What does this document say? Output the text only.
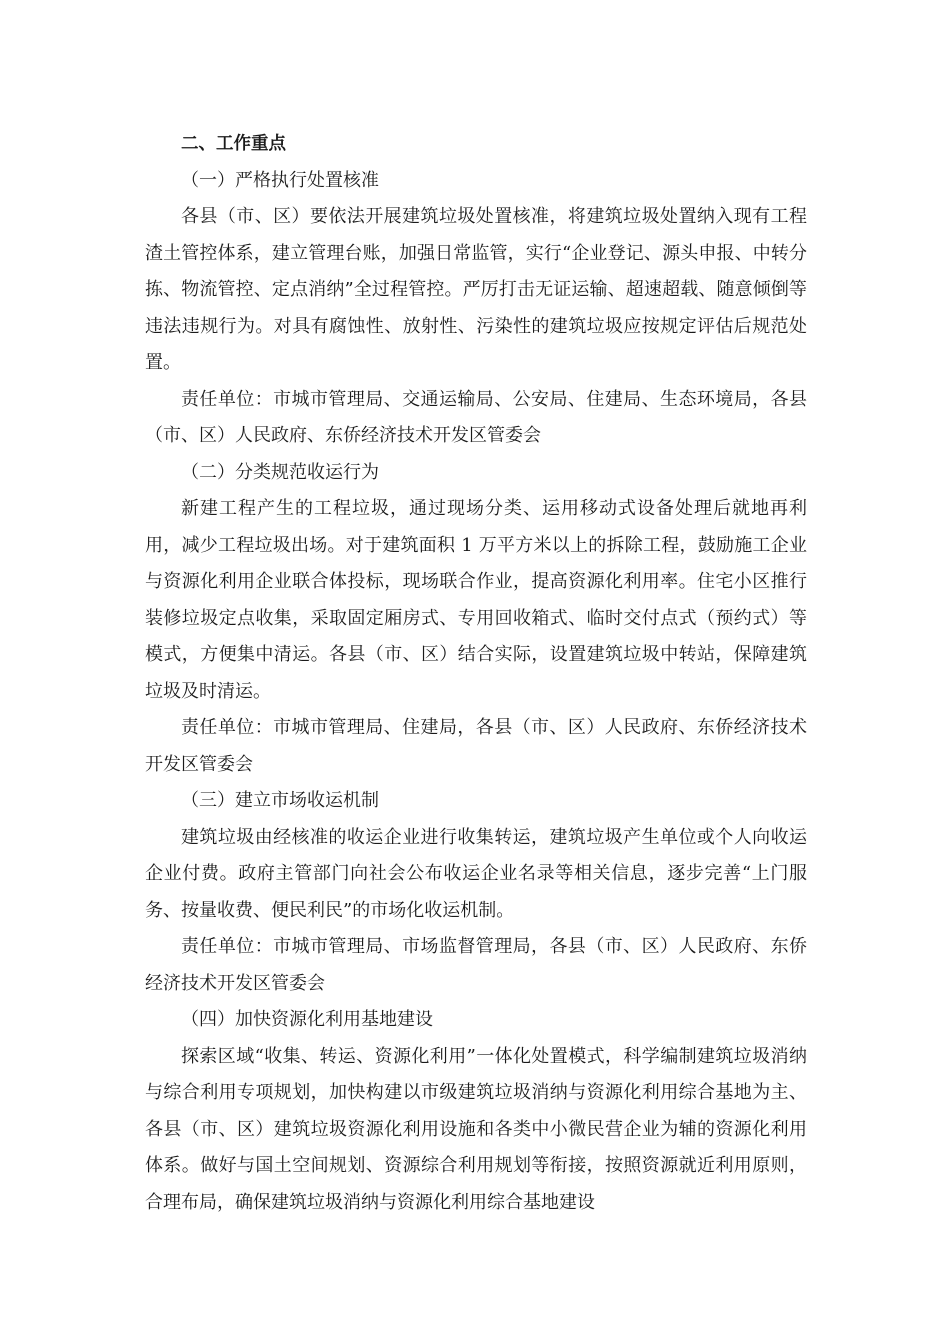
二、工作重点

（一）严格执行处置核准

各县（市、区）要依法开展建筑垃圾处置核准，将建筑垃圾处置纳入现有工程渣土管控体系，建立管理台账，加强日常监管，实行“企业登记、源头申报、中转分拣、物流管控、定点消纳”全过程管控。严厉打击无证运输、超速超载、随意倾倒等违法违规行为。对具有腐蚀性、放射性、污染性的建筑垃圾应按规定评估后规范处置。

责任单位：市城市管理局、交通运输局、公安局、住建局、生态环境局，各县（市、区）人民政府、东侨经济技术开发区管委会

（二）分类规范收运行为

新建工程产生的工程垃圾，通过现场分类、运用移动式设备处理后就地再利用，减少工程垃圾出场。对于建筑面积 1 万平方米以上的拆除工程，鼓励施工企业与资源化利用企业联合体投标，现场联合作业，提高资源化利用率。住宅小区推行装修垃圾定点收集，采取固定厢房式、专用回收箱式、临时交付点式（预约式）等模式，方便集中清运。各县（市、区）结合实际，设置建筑垃圾中转站，保障建筑垃圾及时清运。

责任单位：市城市管理局、住建局，各县（市、区）人民政府、东侨经济技术开发区管委会

（三）建立市场收运机制

建筑垃圾由经核准的收运企业进行收集转运，建筑垃圾产生单位或个人向收运企业付费。政府主管部门向社会公布收运企业名录等相关信息，逐步完善“上门服务、按量收费、便民利民”的市场化收运机制。

责任单位：市城市管理局、市场监督管理局，各县（市、区）人民政府、东侨经济技术开发区管委会

（四）加快资源化利用基地建设

探索区域“收集、转运、资源化利用”一体化处置模式，科学编制建筑垃圾消纳与综合利用专项规划，加快构建以市级建筑垃圾消纳与资源化利用综合基地为主、各县（市、区）建筑垃圾资源化利用设施和各类中小微民营企业为辅的资源化利用体系。做好与国土空间规划、资源综合利用规划等衔接，按照资源就近利用原则，合理布局，确保建筑垃圾消纳与资源化利用综合基地建设
